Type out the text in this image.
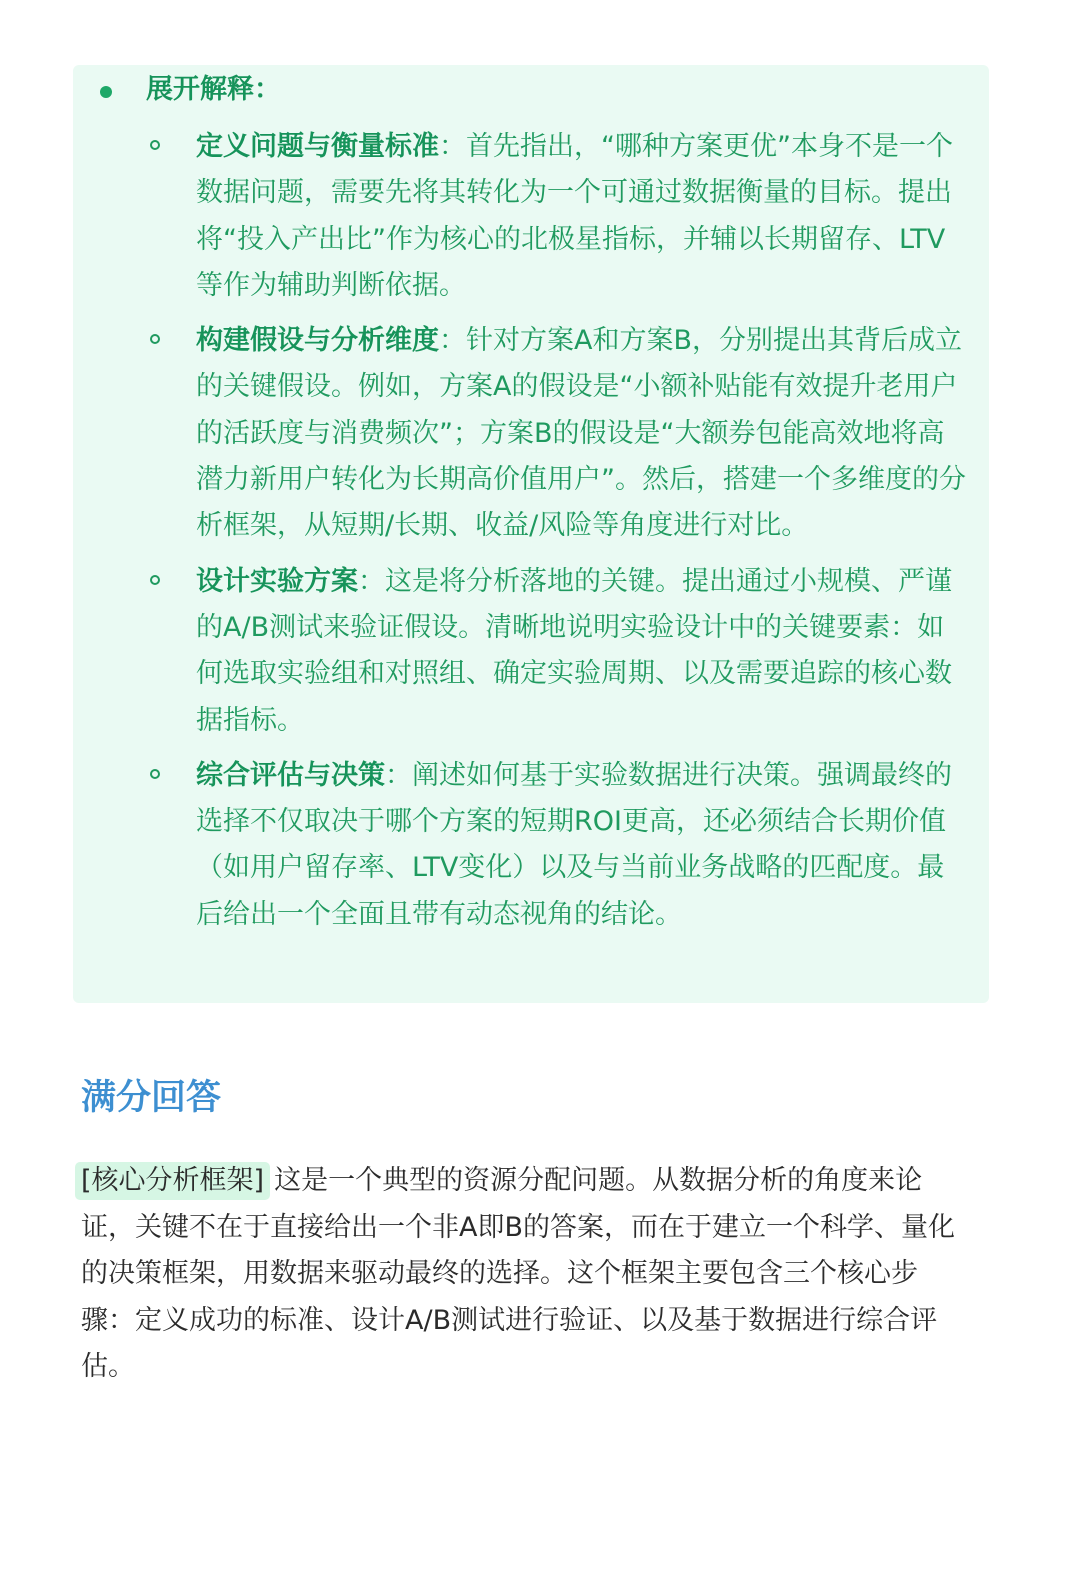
展开解释：
定义问题与衡量标准：首先指出，“哪种方案更优”本身不是一个数据问题，需要先将其转化为一个可通过数据衡量的目标。提出将“投入产出比”作为核心的北极星指标，并辅以长期留存、LTV等作为辅助判断依据。
构建假设与分析维度：针对方案A和方案B，分别提出其背后成立的关键假设。例如，方案A的假设是“小额补贴能有效提升老用户的活跃度与消费频次”；方案B的假设是“大额券包能高效地将高潜力新用户转化为长期高价值用户”。然后，搭建一个多维度的分析框架，从短期/长期、收益/风险等角度进行对比。
设计实验方案：这是将分析落地的关键。提出通过小规模、严谨的A/B测试来验证假设。清晰地说明实验设计中的关键要素：如何选取实验组和对照组、确定实验周期、以及需要追踪的核心数据指标。
综合评估与决策：阐述如何基于实验数据进行决策。强调最终的选择不仅取决于哪个方案的短期ROI更高，还必须结合长期价值（如用户留存率、LTV变化）以及与当前业务战略的匹配度。最后给出一个全面且带有动态视角的结论。
满分回答
[核心分析框架] 这是一个典型的资源分配问题。从数据分析的角度来论证，关键不在于直接给出一个非A即B的答案，而在于建立一个科学、量化的决策框架，用数据来驱动最终的选择。这个框架主要包含三个核心步骤：定义成功的标准、设计A/B测试进行验证、以及基于数据进行综合评估。
